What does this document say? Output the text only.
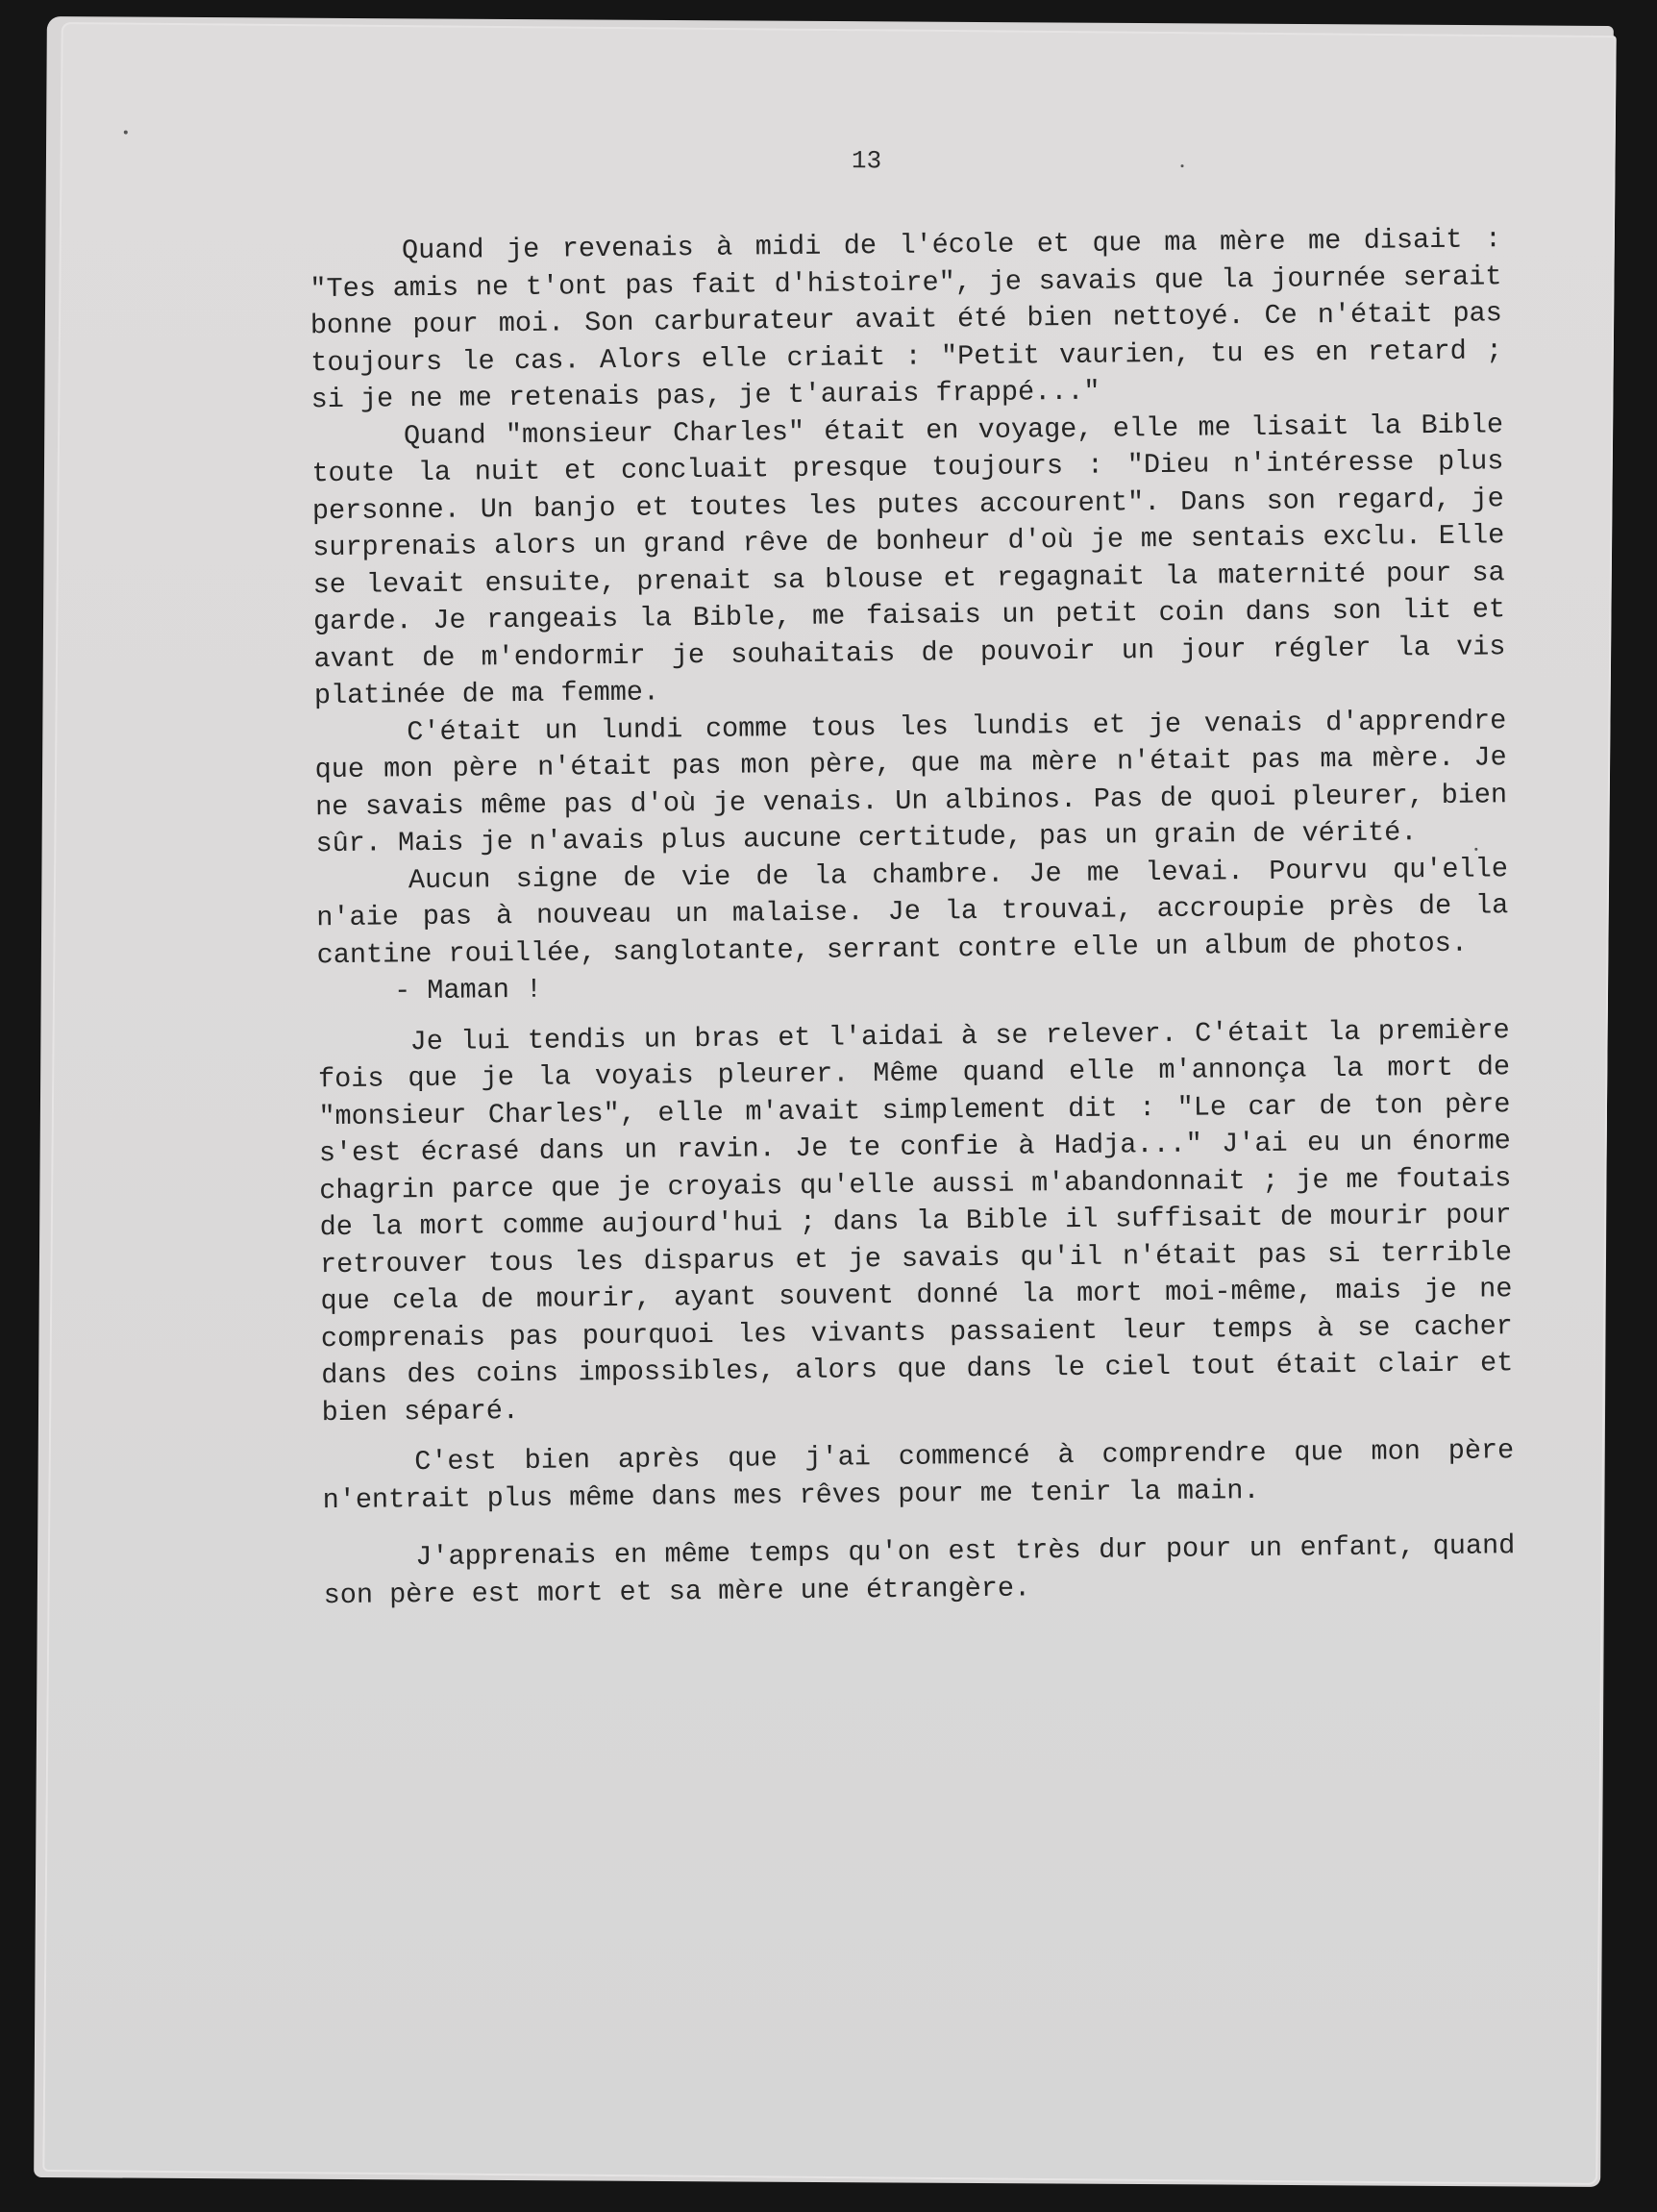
13

Quand je revenais à midi de l'école et que ma mère me disait : "Tes amis ne t'ont pas fait d'histoire", je savais que la journée serait bonne pour moi. Son carburateur avait été bien nettoyé. Ce n'était pas toujours le cas. Alors elle criait : "Petit vaurien, tu es en retard ; si je ne me retenais pas, je t'aurais frappé..."

Quand "monsieur Charles" était en voyage, elle me lisait la Bible toute la nuit et concluait presque toujours : "Dieu n'intéresse plus personne. Un banjo et toutes les putes accourent". Dans son regard, je surprenais alors un grand rêve de bonheur d'où je me sentais exclu. Elle se levait ensuite, prenait sa blouse et regagnait la maternité pour sa garde. Je rangeais la Bible, me faisais un petit coin dans son lit et avant de m'endormir je souhaitais de pouvoir un jour régler la vis platinée de ma femme.

C'était un lundi comme tous les lundis et je venais d'apprendre que mon père n'était pas mon père, que ma mère n'était pas ma mère. Je ne savais même pas d'où je venais. Un albinos. Pas de quoi pleurer, bien sûr. Mais je n'avais plus aucune certitude, pas un grain de vérité.

Aucun signe de vie de la chambre. Je me levai. Pourvu qu'elle n'aie pas à nouveau un malaise. Je la trouvai, accroupie près de la cantine rouillée, sanglotante, serrant contre elle un album de photos.

- Maman !

Je lui tendis un bras et l'aidai à se relever. C'était la première fois que je la voyais pleurer. Même quand elle m'annonça la mort de "monsieur Charles", elle m'avait simplement dit : "Le car de ton père s'est écrasé dans un ravin. Je te confie à Hadja..." J'ai eu un énorme chagrin parce que je croyais qu'elle aussi m'abandonnait ; je me foutais de la mort comme aujourd'hui ; dans la Bible il suffisait de mourir pour retrouver tous les disparus et je savais qu'il n'était pas si terrible que cela de mourir, ayant souvent donné la mort moi-même, mais je ne comprenais pas pourquoi les vivants passaient leur temps à se cacher dans des coins impossibles, alors que dans le ciel tout était clair et bien séparé.

C'est bien après que j'ai commencé à comprendre que mon père n'entrait plus même dans mes rêves pour me tenir la main.

J'apprenais en même temps qu'on est très dur pour un enfant, quand son père est mort et sa mère une étrangère.
